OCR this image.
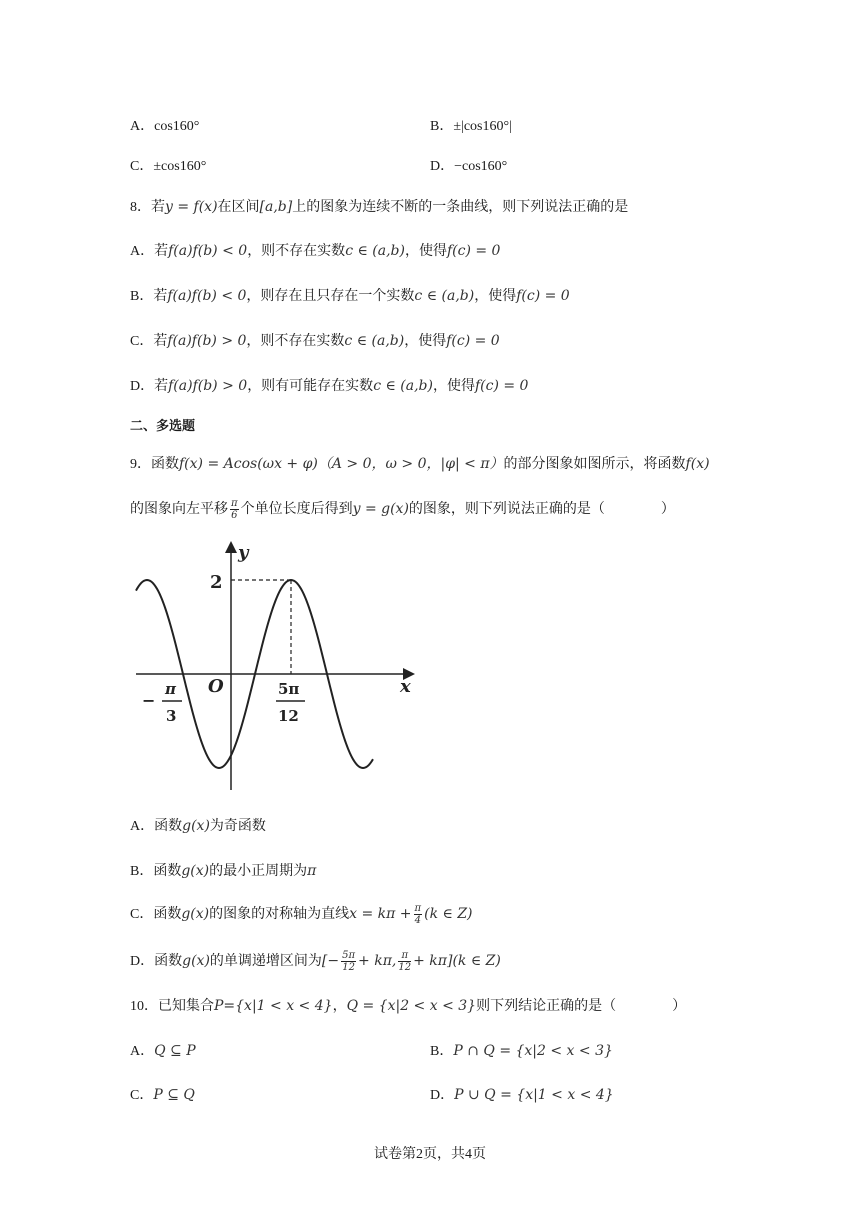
A．cos160°	B．±|cos160°|
C．±cos160°	D．−cos160°
8．若y = f(x)在区间[a,b]上的图象为连续不断的一条曲线，则下列说法正确的是
A．若f(a)f(b) < 0，则不存在实数c ∈ (a,b)，使得f(c) = 0
B．若f(a)f(b) < 0，则存在且只存在一个实数c ∈ (a,b)，使得f(c) = 0
C．若f(a)f(b) > 0，则不存在实数c ∈ (a,b)，使得f(c) = 0
D．若f(a)f(b) > 0，则有可能存在实数c ∈ (a,b)，使得f(c) = 0
二、多选题
9．函数f(x) = Acos(ωx + φ)（A > 0，ω > 0，|φ| < π）的部分图象如图所示，将函数f(x)
的图象向左平移 $\frac{\pi}{6}$ 个单位长度后得到y = g(x)的图象，则下列说法正确的是（　　　　）
y
x
O
2
−
π
3
5π
12
A．函数g(x)为奇函数
B．函数g(x)的最小正周期为π
C．函数g(x)的图象的对称轴为直线$x = k\pi + \frac{\pi}{4} (k$ ∈ Z)
D．函数g(x)的单调递增区间为[− $\frac{5\pi}{12} + k\pi$, $\frac{\pi}{12} + k\pi](k$ ∈ Z)
10．已知集合P={x|1 < x < 4}，Q = {x|2 < x < 3}则下列结论正确的是（　　　　）
A．Q ⊆ P	B．P ∩ Q = {x|2 < x < 3}
C．P ⊆ Q	D．P ∪ Q = {x|1 < x < 4}
试卷第2页，共4页
